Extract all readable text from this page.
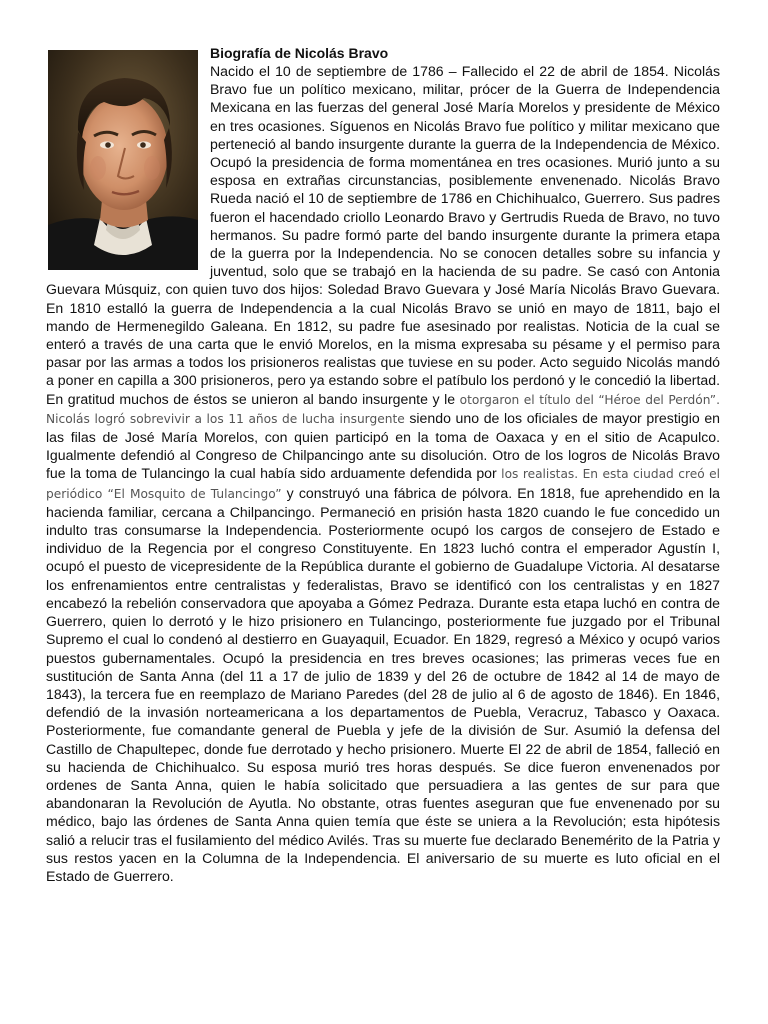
Biografía de Nicolás Bravo

Nacido el 10 de septiembre de 1786 – Fallecido el 22 de abril de 1854. Nicolás Bravo fue un político mexicano, militar, prócer de la Guerra de Independencia Mexicana en las fuerzas del general José María Morelos y presidente de México en tres ocasiones. Síguenos en Nicolás Bravo fue político y militar mexicano que perteneció al bando insurgente durante la guerra de la Independencia de México. Ocupó la presidencia de forma momentánea en tres ocasiones. Murió junto a su esposa en extrañas circunstancias, posiblemente envenenado. Nicolás Bravo Rueda nació el 10 de septiembre de 1786 en Chichihualco, Guerrero. Sus padres fueron el hacendado criollo Leonardo Bravo y Gertrudis Rueda de Bravo, no tuvo hermanos. Su padre formó parte del bando insurgente durante la primera etapa de la guerra por la Independencia. No se conocen detalles sobre su infancia y juventud, solo que se trabajó en la hacienda de su padre. Se casó con Antonia Guevara Músquiz, con quien tuvo dos hijos: Soledad Bravo Guevara y José María Nicolás Bravo Guevara. En 1810 estalló la guerra de Independencia a la cual Nicolás Bravo se unió en mayo de 1811, bajo el mando de Hermenegildo Galeana. En 1812, su padre fue asesinado por realistas. Noticia de la cual se enteró a través de una carta que le envió Morelos, en la misma expresaba su pésame y el permiso para pasar por las armas a todos los prisioneros realistas que tuviese en su poder. Acto seguido Nicolás mandó a poner en capilla a 300 prisioneros, pero ya estando sobre el patíbulo los perdonó y le concedió la libertad. En gratitud muchos de éstos se unieron al bando insurgente y le otorgaron el título del “Héroe del Perdón”. Nicolás logró sobrevivir a los 11 años de lucha insurgente siendo uno de los oficiales de mayor prestigio en las filas de José María Morelos, con quien participó en la toma de Oaxaca y en el sitio de Acapulco. Igualmente defendió al Congreso de Chilpancingo ante su disolución. Otro de los logros de Nicolás Bravo fue la toma de Tulancingo la cual había sido arduamente defendida por los realistas. En esta ciudad creó el periódico “El Mosquito de Tulancingo” y construyó una fábrica de pólvora. En 1818, fue aprehendido en la hacienda familiar, cercana a Chilpancingo. Permaneció en prisión hasta 1820 cuando le fue concedido un indulto tras consumarse la Independencia. Posteriormente ocupó los cargos de consejero de Estado e individuo de la Regencia por el congreso Constituyente. En 1823 luchó contra el emperador Agustín I, ocupó el puesto de vicepresidente de la República durante el gobierno de Guadalupe Victoria. Al desatarse los enfrenamientos entre centralistas y federalistas, Bravo se identificó con los centralistas y en 1827 encabezó la rebelión conservadora que apoyaba a Gómez Pedraza. Durante esta etapa luchó en contra de Guerrero, quien lo derrotó y le hizo prisionero en Tulancingo, posteriormente fue juzgado por el Tribunal Supremo el cual lo condenó al destierro en Guayaquil, Ecuador. En 1829, regresó a México y ocupó varios puestos gubernamentales. Ocupó la presidencia en tres breves ocasiones; las primeras veces fue en sustitución de Santa Anna (del 11 a 17 de julio de 1839 y del 26 de octubre de 1842 al 14 de mayo de 1843), la tercera fue en reemplazo de Mariano Paredes (del 28 de julio al 6 de agosto de 1846). En 1846, defendió de la invasión norteamericana a los departamentos de Puebla, Veracruz, Tabasco y Oaxaca. Posteriormente, fue comandante general de Puebla y jefe de la división de Sur. Asumió la defensa del Castillo de Chapultepec, donde fue derrotado y hecho prisionero. Muerte El 22 de abril de 1854, falleció en su hacienda de Chichihualco. Su esposa murió tres horas después. Se dice fueron envenenados por ordenes de Santa Anna, quien le había solicitado que persuadiera a las gentes de sur para que abandonaran la Revolución de Ayutla. No obstante, otras fuentes aseguran que fue envenenado por su médico, bajo las órdenes de Santa Anna quien temía que éste se uniera a la Revolución; esta hipótesis salió a relucir tras el fusilamiento del médico Avilés. Tras su muerte fue declarado Benemérito de la Patria y sus restos yacen en la Columna de la Independencia. El aniversario de su muerte es luto oficial en el Estado de Guerrero.
